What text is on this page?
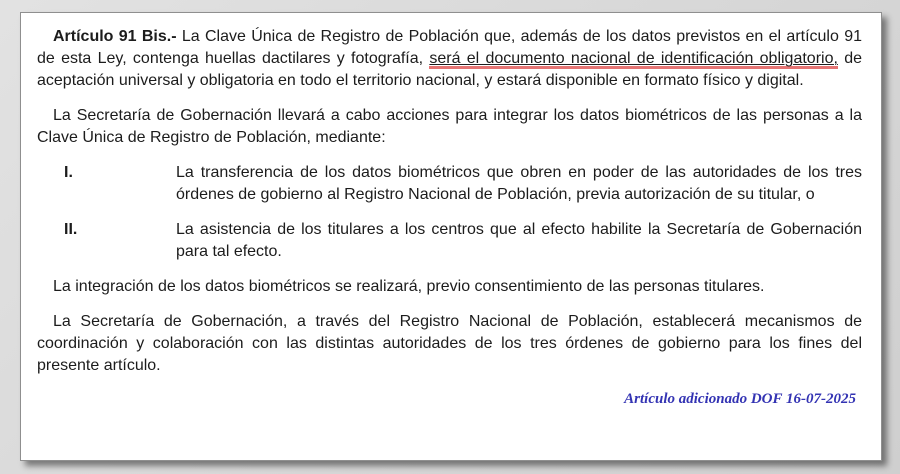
Artículo 91 Bis.- La Clave Única de Registro de Población que, además de los datos previstos en el artículo 91 de esta Ley, contenga huellas dactilares y fotografía, será el documento nacional de identificación obligatorio, de aceptación universal y obligatoria en todo el territorio nacional, y estará disponible en formato físico y digital.

La Secretaría de Gobernación llevará a cabo acciones para integrar los datos biométricos de las personas a la Clave Única de Registro de Población, mediante:

I.	La transferencia de los datos biométricos que obren en poder de las autoridades de los tres órdenes de gobierno al Registro Nacional de Población, previa autorización de su titular, o
II.	La asistencia de los titulares a los centros que al efecto habilite la Secretaría de Gobernación para tal efecto.

La integración de los datos biométricos se realizará, previo consentimiento de las personas titulares.

La Secretaría de Gobernación, a través del Registro Nacional de Población, establecerá mecanismos de coordinación y colaboración con las distintas autoridades de los tres órdenes de gobierno para los fines del presente artículo.

Artículo adicionado DOF 16-07-2025
